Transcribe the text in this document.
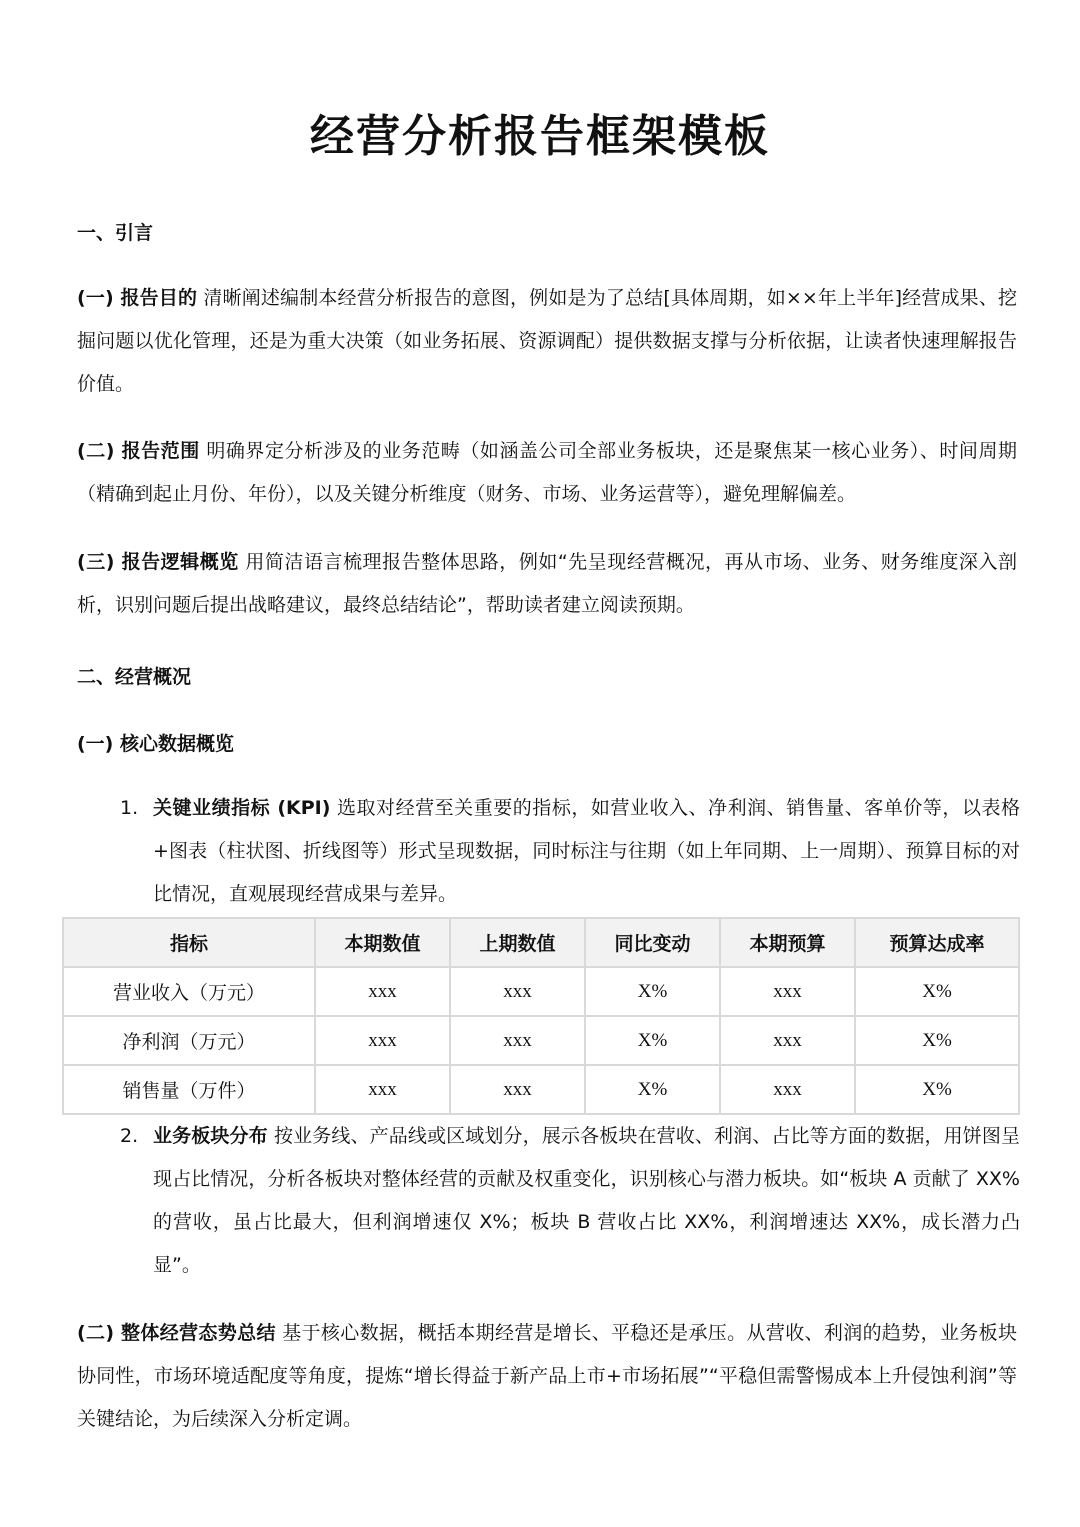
经营分析报告框架模板
一、引言
(一) 报告目的 清晰阐述编制本经营分析报告的意图，例如是为了总结[具体周期，如××年上半年]经营成果、挖掘问题以优化管理，还是为重大决策（如业务拓展、资源调配）提供数据支撑与分析依据，让读者快速理解报告价值。
(二) 报告范围 明确界定分析涉及的业务范畴（如涵盖公司全部业务板块，还是聚焦某一核心业务）、时间周期（精确到起止月份、年份），以及关键分析维度（财务、市场、业务运营等），避免理解偏差。
(三) 报告逻辑概览 用简洁语言梳理报告整体思路，例如“先呈现经营概况，再从市场、业务、财务维度深入剖析，识别问题后提出战略建议，最终总结结论”，帮助读者建立阅读预期。
二、经营概况
(一) 核心数据概览
1. 关键业绩指标 (KPI) 选取对经营至关重要的指标，如营业收入、净利润、销售量、客单价等，以表格+图表（柱状图、折线图等）形式呈现数据，同时标注与往期（如上年同期、上一周期）、预算目标的对比情况，直观展现经营成果与差异。
指标	本期数值	上期数值	同比变动	本期预算	预算达成率
营业收入（万元）	xxx	xxx	X%	xxx	X%
净利润（万元）	xxx	xxx	X%	xxx	X%
销售量（万件）	xxx	xxx	X%	xxx	X%
2. 业务板块分布 按业务线、产品线或区域划分，展示各板块在营收、利润、占比等方面的数据，用饼图呈现占比情况，分析各板块对整体经营的贡献及权重变化，识别核心与潜力板块。如“板块 A 贡献了 XX%的营收，虽占比最大，但利润增速仅 X%；板块 B 营收占比 XX%，利润增速达 XX%，成长潜力凸显”。
(二) 整体经营态势总结 基于核心数据，概括本期经营是增长、平稳还是承压。从营收、利润的趋势，业务板块协同性，市场环境适配度等角度，提炼“增长得益于新产品上市+市场拓展”“平稳但需警惕成本上升侵蚀利润”等关键结论，为后续深入分析定调。
